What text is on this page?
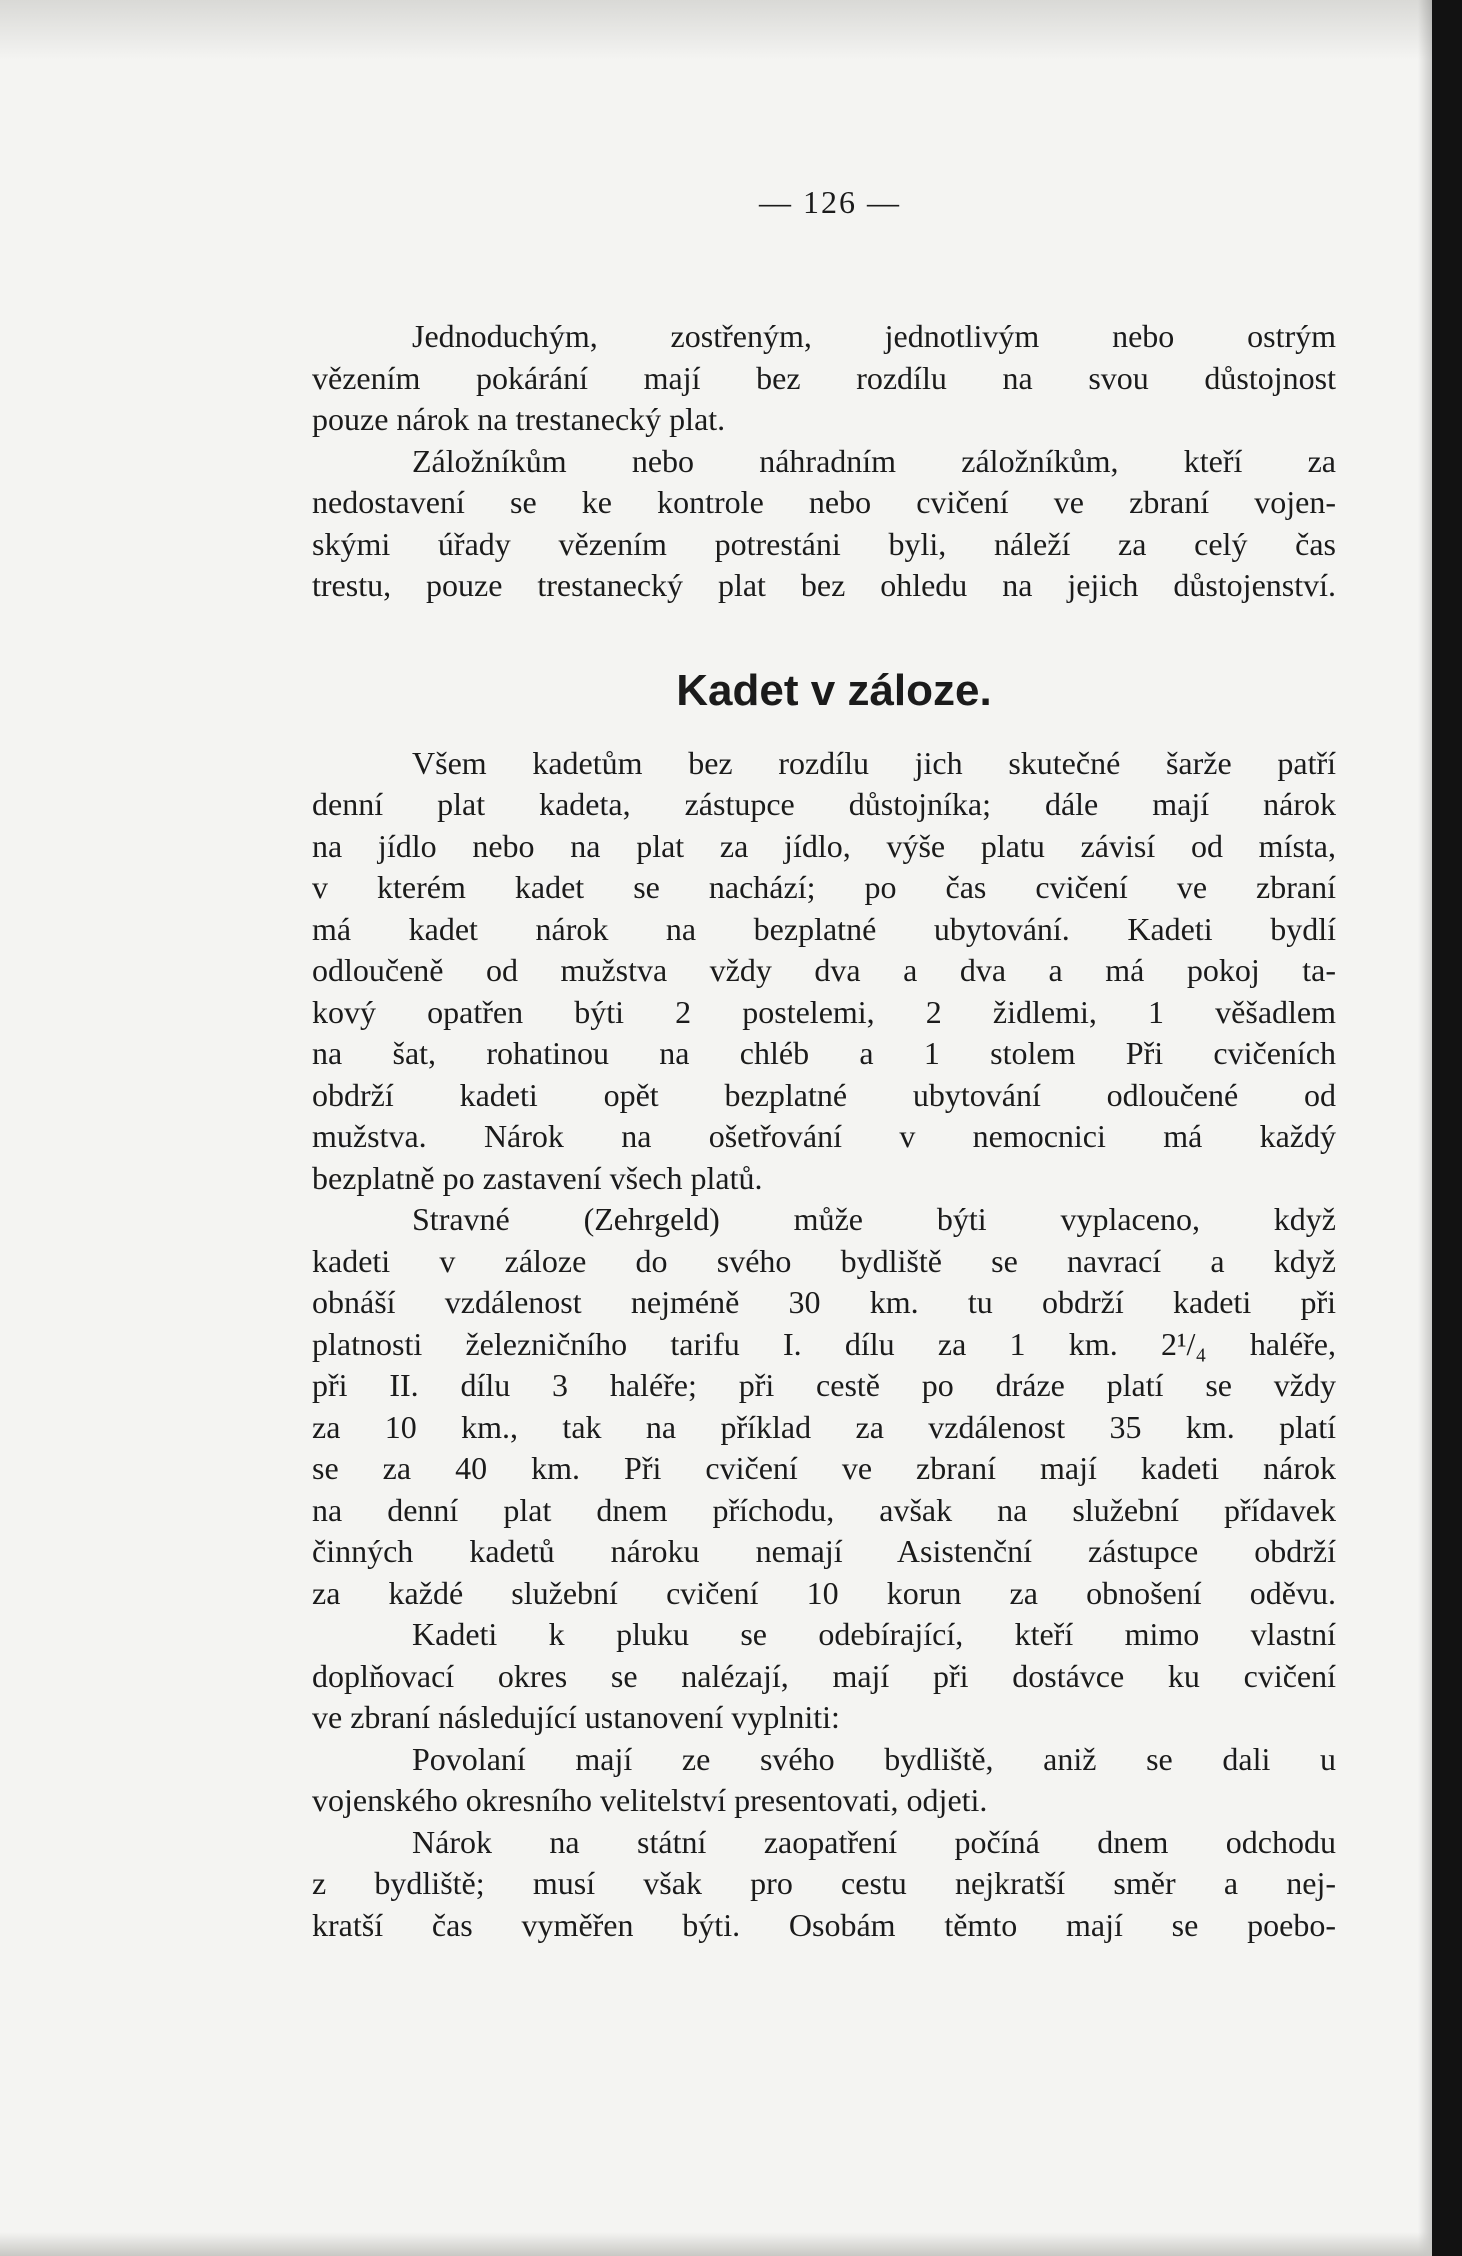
— 126 —
Jednoduchým, zostřeným, jednotlivým nebo ostrým
vězením pokárání mají bez rozdílu na svou důstojnost
pouze nárok na trestanecký plat.
Záložníkům nebo náhradním záložníkům, kteří za
nedostavení se ke kontrole nebo cvičení ve zbraní vojen-
skými úřady vězením potrestáni byli, náleží za celý čas
trestu, pouze trestanecký plat bez ohledu na jejich důstojenství.
Kadet v záloze.
Všem kadetům bez rozdílu jich skutečné šarže patří
denní plat kadeta, zástupce důstojníka; dále mají nárok
na jídlo nebo na plat za jídlo, výše platu závisí od místa,
v kterém kadet se nachází; po čas cvičení ve zbraní
má kadet nárok na bezplatné ubytování. Kadeti bydlí
odloučeně od mužstva vždy dva a dva a má pokoj ta-
kový opatřen býti 2 postelemi, 2 židlemi, 1 věšadlem
na šat, rohatinou na chléb a 1 stolem Při cvičeních
obdrží kadeti opět bezplatné ubytování odloučené od
mužstva. Nárok na ošetřování v nemocnici má každý
bezplatně po zastavení všech platů.
Stravné (Zehrgeld) může býti vyplaceno, když
kadeti v záloze do svého bydliště se navrací a když
obnáší vzdálenost nejméně 30 km. tu obdrží kadeti při
platnosti železničního tarifu I. dílu za 1 km. 2¹/₄ haléře,
při II. dílu 3 haléře; při cestě po dráze platí se vždy
za 10 km., tak na příklad za vzdálenost 35 km. platí
se za 40 km. Při cvičení ve zbraní mají kadeti nárok
na denní plat dnem příchodu, avšak na služební přídavek
činných kadetů nároku nemají Asistenční zástupce obdrží
za každé služební cvičení 10 korun za obnošení oděvu.
Kadeti k pluku se odebírající, kteří mimo vlastní
doplňovací okres se nalézají, mají při dostávce ku cvičení
ve zbraní následující ustanovení vyplniti:
Povolaní mají ze svého bydliště, aniž se dali u
vojenského okresního velitelství presentovati, odjeti.
Nárok na státní zaopatření počíná dnem odchodu
z bydliště; musí však pro cestu nejkratší směr a nej-
kratší čas vyměřen býti. Osobám těmto mají se poebo-
